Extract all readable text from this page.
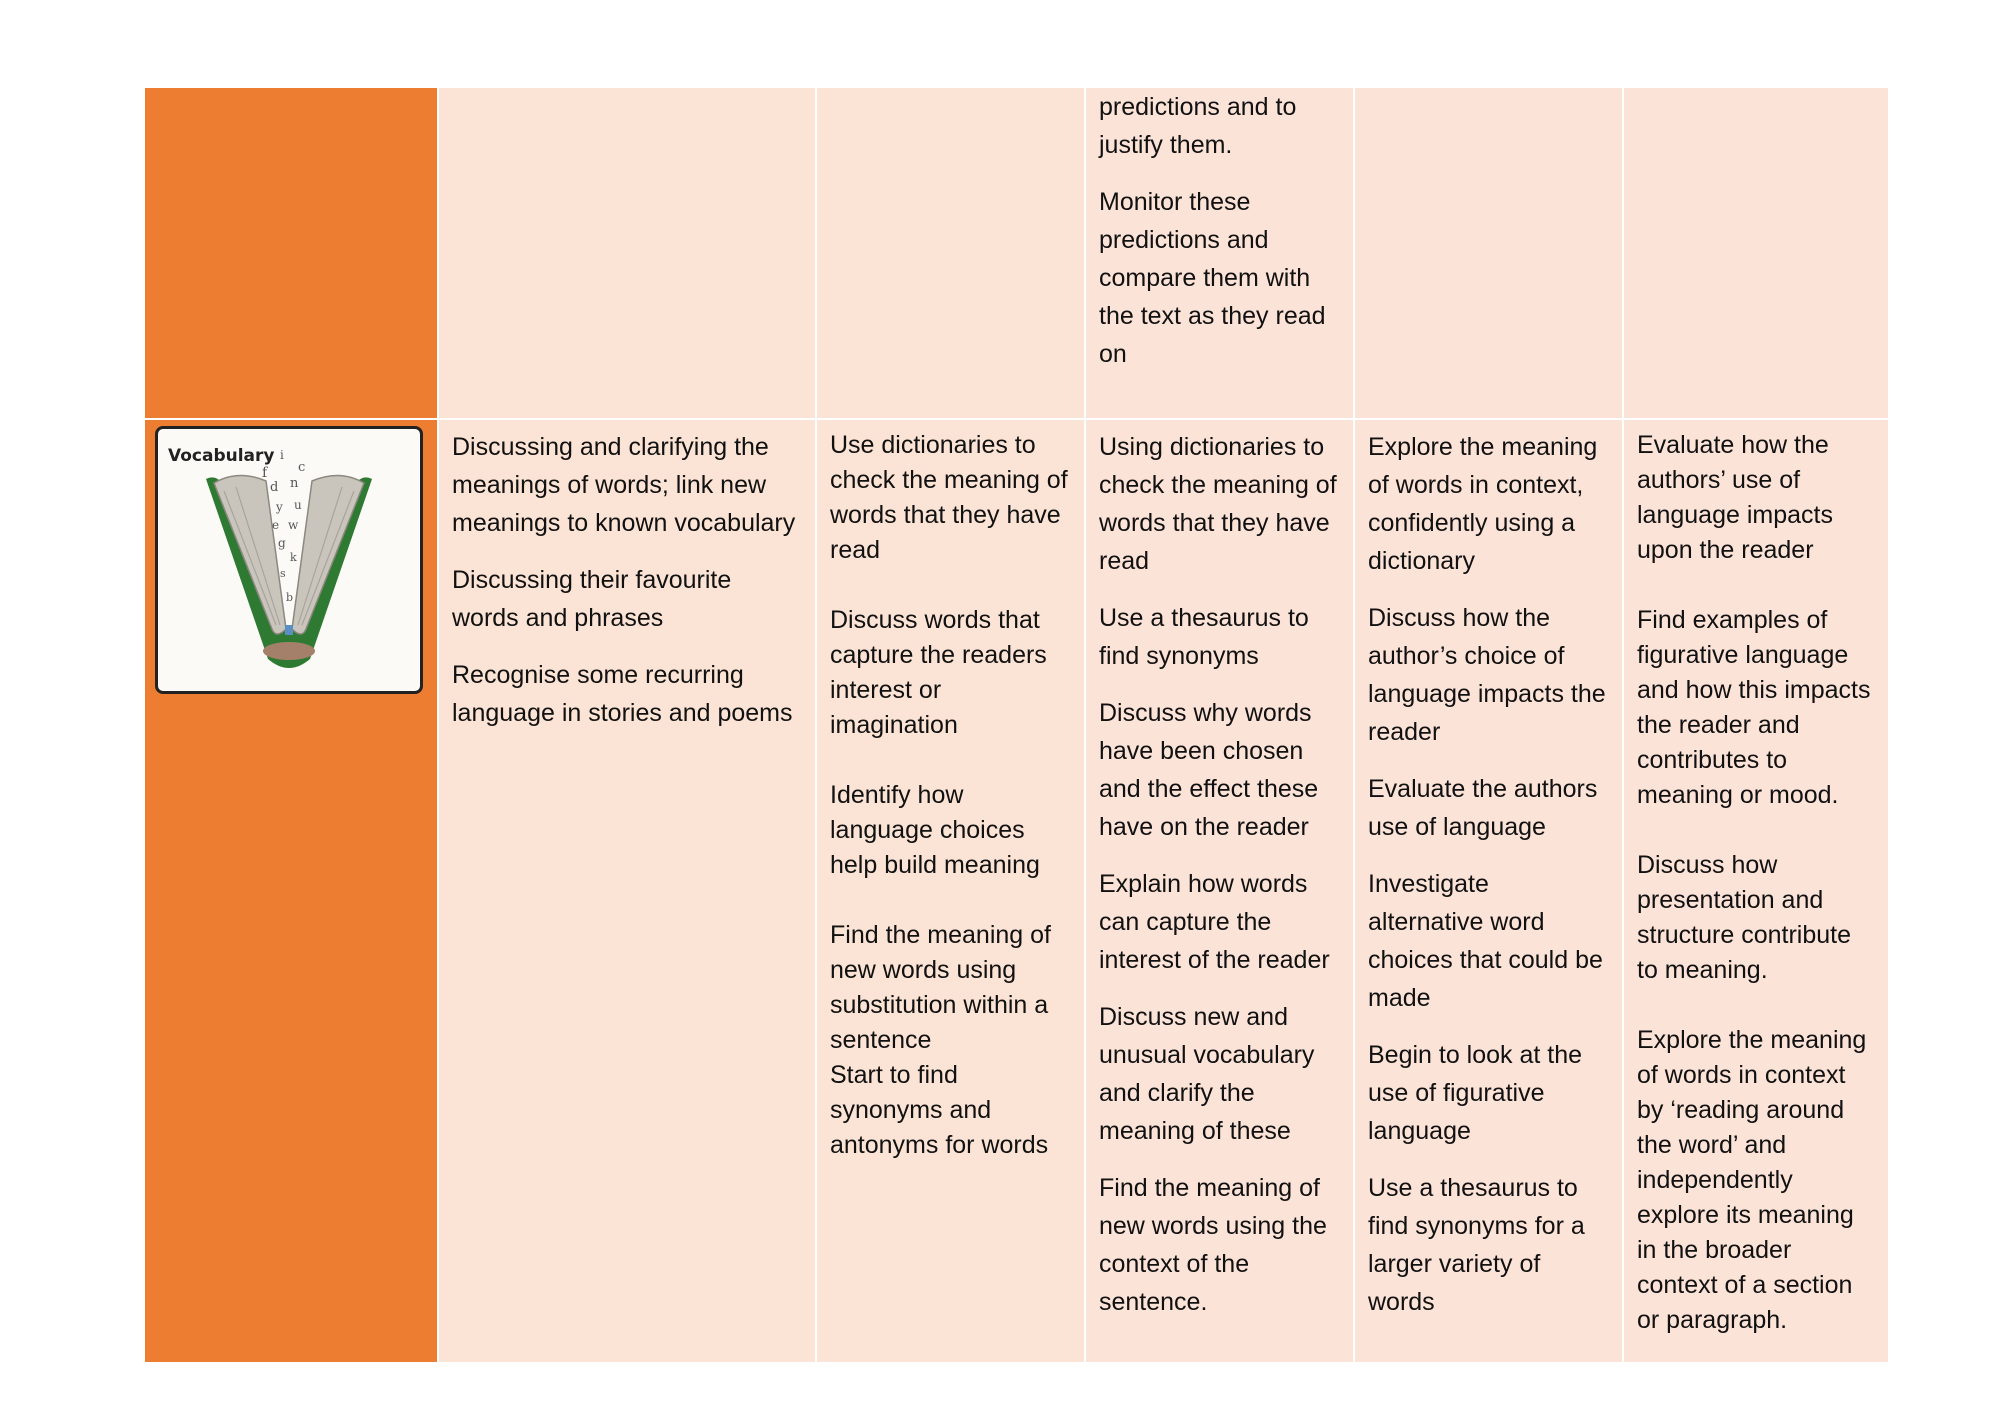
predictions and to justify them.

Monitor these predictions and compare them with the text as they read on

f
i
c
d n
y u
e w
g
k
s
b
Vocabulary	Discussing and clarifying the meanings of words; link new meanings to known vocabulary

Discussing their favourite words and phrases

Recognise some recurring language in stories and poems

Use dictionaries to check the meaning of words that they have read

Discuss words that capture the readers interest or imagination

Identify how language choices help build meaning

Find the meaning of new words using substitution within a sentence

Start to find synonyms and antonyms for words

Using dictionaries to check the meaning of words that they have read

Use a thesaurus to find synonyms

Discuss why words have been chosen and the effect these have on the reader

Explain how words can capture the interest of the reader

Discuss new and unusual vocabulary and clarify the meaning of these

Find the meaning of new words using the context of the sentence.

Explore the meaning of words in context, confidently using a dictionary

Discuss how the author’s choice of language impacts the reader

Evaluate the authors use of language

Investigate alternative word choices that could be made

Begin to look at the use of figurative language

Use a thesaurus to find synonyms for a larger variety of words

Evaluate how the authors’ use of language impacts upon the reader

Find examples of figurative language and how this impacts the reader and contributes to meaning or mood.

Discuss how presentation and structure contribute to meaning.

Explore the meaning of words in context by ‘reading around the word’ and independently explore its meaning in the broader context of a section or paragraph.
